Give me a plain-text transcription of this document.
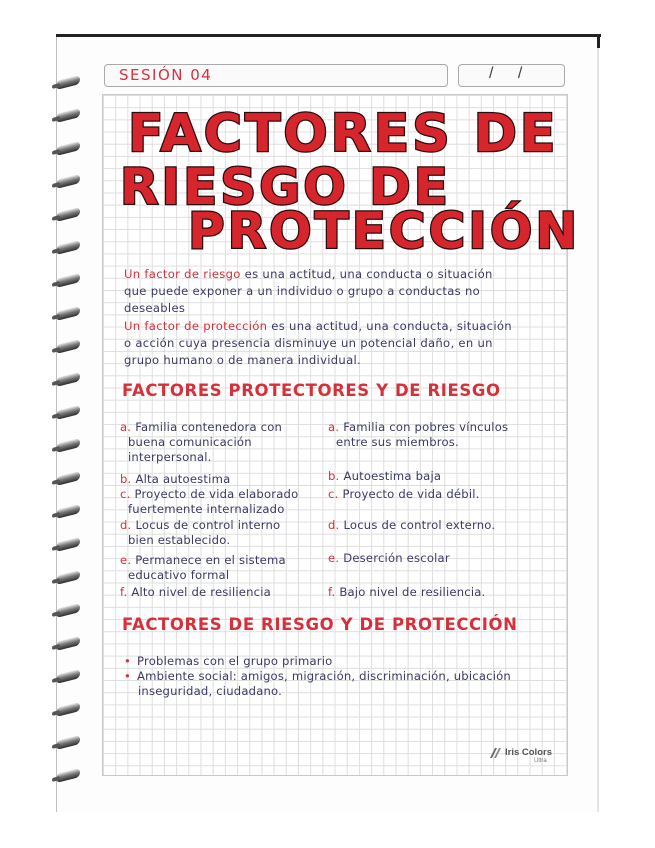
SESIÓN 04	/ /
FACTORES DE
RIESGO DE
PROTECCIÓN
Un factor de riesgo es una actitud, una conducta o situación
que puede exponer a un individuo o grupo a conductas no
deseables
Un factor de protección es una actitud, una conducta, situación
o acción cuya presencia disminuye un potencial daño, en un
grupo humano o de manera individual.
FACTORES PROTECTORES Y DE RIESGO
a. Familia contenedora con
buena comunicación
interpersonal.
b. Alta autoestima
c. Proyecto de vida elaborado
fuertemente internalizado
d. Locus de control interno
bien establecido.
e. Permanece en el sistema
educativo formal
f. Alto nivel de resiliencia
a. Familia con pobres vínculos
entre sus miembros.
b. Autoestima baja
c. Proyecto de vida débil.
d. Locus de control externo.
e. Deserción escolar
f. Bajo nivel de resiliencia.
FACTORES DE RIESGO Y DE PROTECCIÓN
• Problemas con el grupo primario
• Ambiente social: amigos, migración, discriminación, ubicación
inseguridad, ciudadano.
Iris Colors
Ultra
